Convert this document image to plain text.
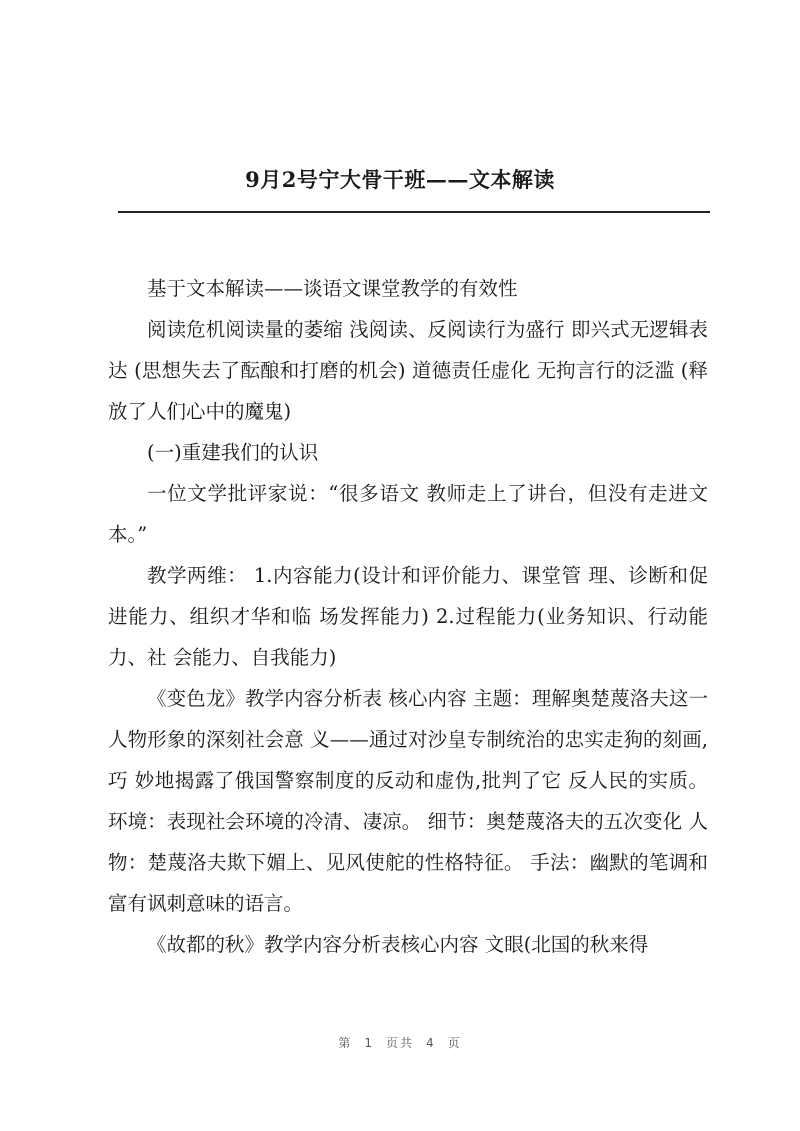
9月2号宁大骨干班——文本解读

基于文本解读——谈语文课堂教学的有效性

阅读危机阅读量的萎缩 浅阅读、反阅读行为盛行 即兴式无逻辑表达 (思想失去了酝酿和打磨的机会) 道德责任虚化 无拘言行的泛滥 (释放了人们心中的魔鬼)

(一)重建我们的认识

一位文学批评家说：“很多语文 教师走上了讲台，但没有走进文本。”

教学两维： 1.内容能力(设计和评价能力、课堂管 理、诊断和促进能力、组织才华和临 场发挥能力) 2.过程能力(业务知识、行动能力、社 会能力、自我能力)

《变色龙》教学内容分析表 核心内容 主题：理解奥楚蔑洛夫这一人物形象的深刻社会意 义——通过对沙皇专制统治的忠实走狗的刻画,巧 妙地揭露了俄国警察制度的反动和虚伪,批判了它 反人民的实质。 环境：表现社会环境的冷清、凄凉。 细节：奥楚蔑洛夫的五次变化 人物：楚蔑洛夫欺下媚上、见风使舵的性格特征。 手法：幽默的笔调和富有讽刺意味的语言。

《故都的秋》教学内容分析表核心内容 文眼(北国的秋来得

第 1 页共 4 页
